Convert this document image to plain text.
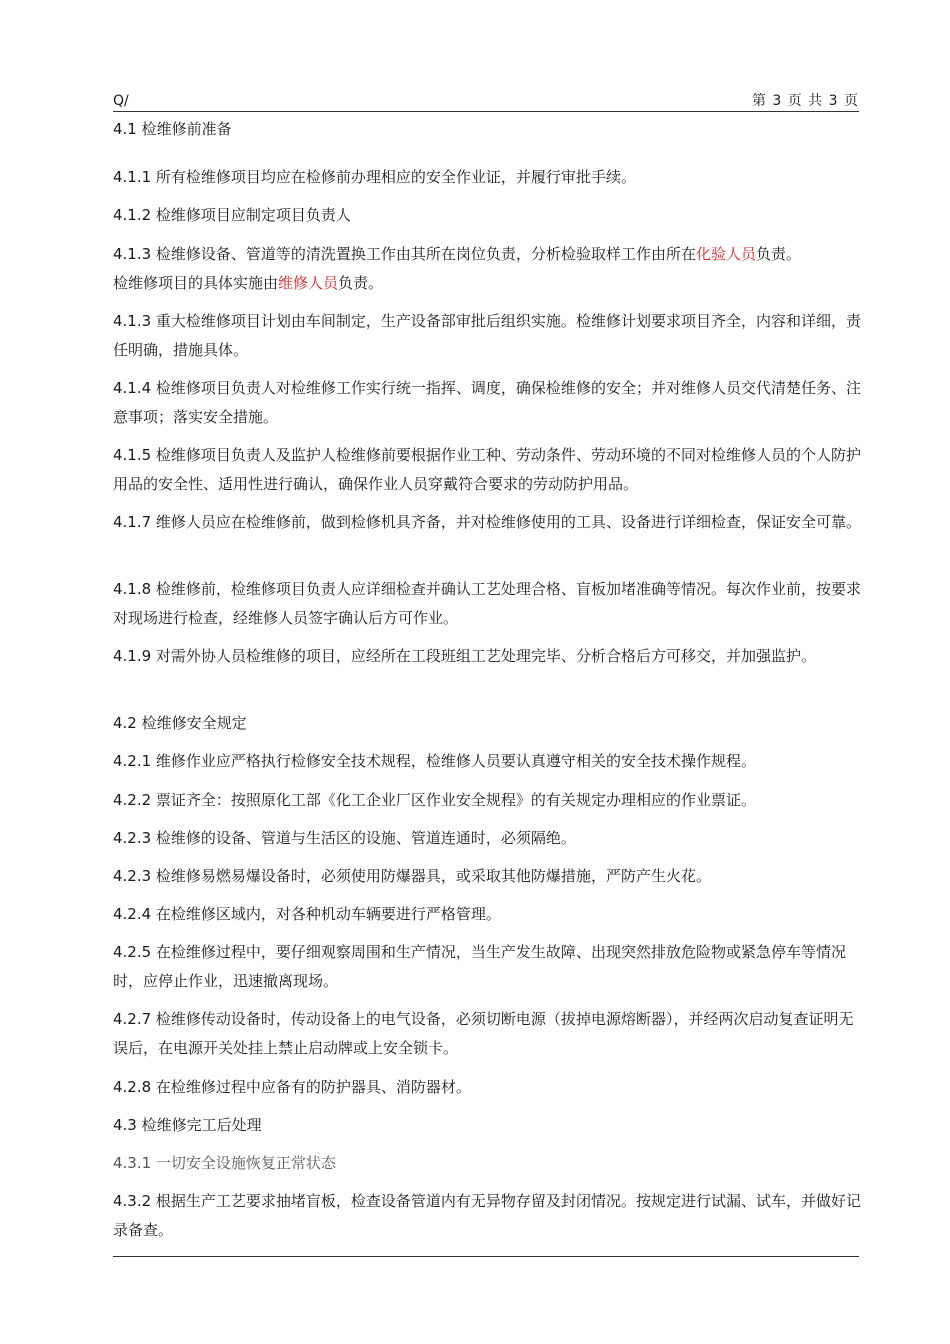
Q/	第 3 页 共 3 页
4.1 检维修前准备
4.1.1 所有检维修项目均应在检修前办理相应的安全作业证，并履行审批手续。
4.1.2 检维修项目应制定项目负责人
4.1.3 检维修设备、管道等的清洗置换工作由其所在岗位负责，分析检验取样工作由所在化验人员负责。
检维修项目的具体实施由维修人员负责。
4.1.3 重大检维修项目计划由车间制定，生产设备部审批后组织实施。检维修计划要求项目齐全，内容和详细，责任明确，措施具体。
4.1.4 检维修项目负责人对检维修工作实行统一指挥、调度，确保检维修的安全；并对维修人员交代清楚任务、注意事项；落实安全措施。
4.1.5 检维修项目负责人及监护人检维修前要根据作业工种、劳动条件、劳动环境的不同对检维修人员的个人防护用品的安全性、适用性进行确认，确保作业人员穿戴符合要求的劳动防护用品。
4.1.7 维修人员应在检维修前，做到检修机具齐备，并对检维修使用的工具、设备进行详细检查，保证安全可靠。
4.1.8 检维修前，检维修项目负责人应详细检查并确认工艺处理合格、盲板加堵准确等情况。每次作业前，按要求对现场进行检查，经维修人员签字确认后方可作业。
4.1.9 对需外协人员检维修的项目，应经所在工段班组工艺处理完毕、分析合格后方可移交，并加强监护。
4.2 检维修安全规定
4.2.1 维修作业应严格执行检修安全技术规程，检维修人员要认真遵守相关的安全技术操作规程。
4.2.2 票证齐全：按照原化工部《化工企业厂区作业安全规程》的有关规定办理相应的作业票证。
4.2.3 检维修的设备、管道与生活区的设施、管道连通时，必须隔绝。
4.2.3 检维修易燃易爆设备时，必须使用防爆器具，或采取其他防爆措施，严防产生火花。
4.2.4 在检维修区域内，对各种机动车辆要进行严格管理。
4.2.5 在检维修过程中，要仔细观察周围和生产情况，当生产发生故障、出现突然排放危险物或紧急停车等情况时，应停止作业，迅速撤离现场。
4.2.7 检维修传动设备时，传动设备上的电气设备，必须切断电源（拔掉电源熔断器），并经两次启动复查证明无误后，在电源开关处挂上禁止启动牌或上安全锁卡。
4.2.8 在检维修过程中应备有的防护器具、消防器材。
4.3 检维修完工后处理
4.3.1 一切安全设施恢复正常状态
4.3.2 根据生产工艺要求抽堵盲板，检查设备管道内有无异物存留及封闭情况。按规定进行试漏、试车，并做好记录备查。
